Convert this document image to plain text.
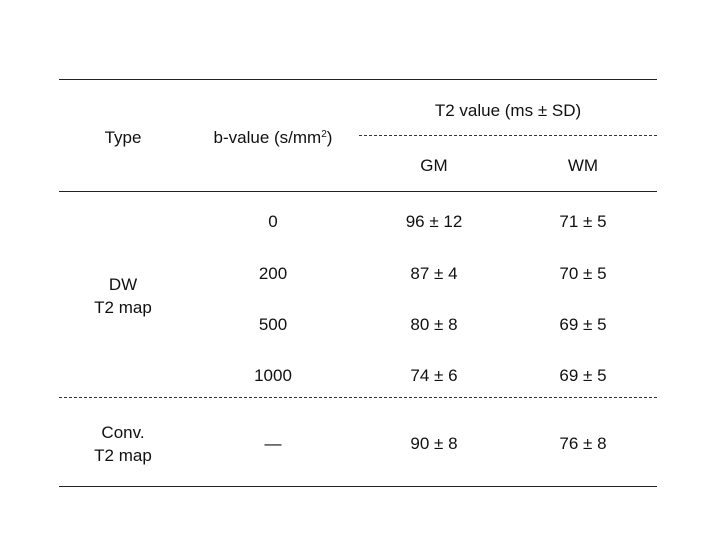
Type	b-value $(s/mm^2)$
T2 value (ms ± SD)
GM	WM
DW
T2 map
0	96 ± 12	71 ± 5
200	87 ± 4	70 ± 5
500	80 ± 8	69 ± 5
1000	74 ± 6	69 ± 5
Conv.
T2 map
—	90 ± 8	76 ± 8
